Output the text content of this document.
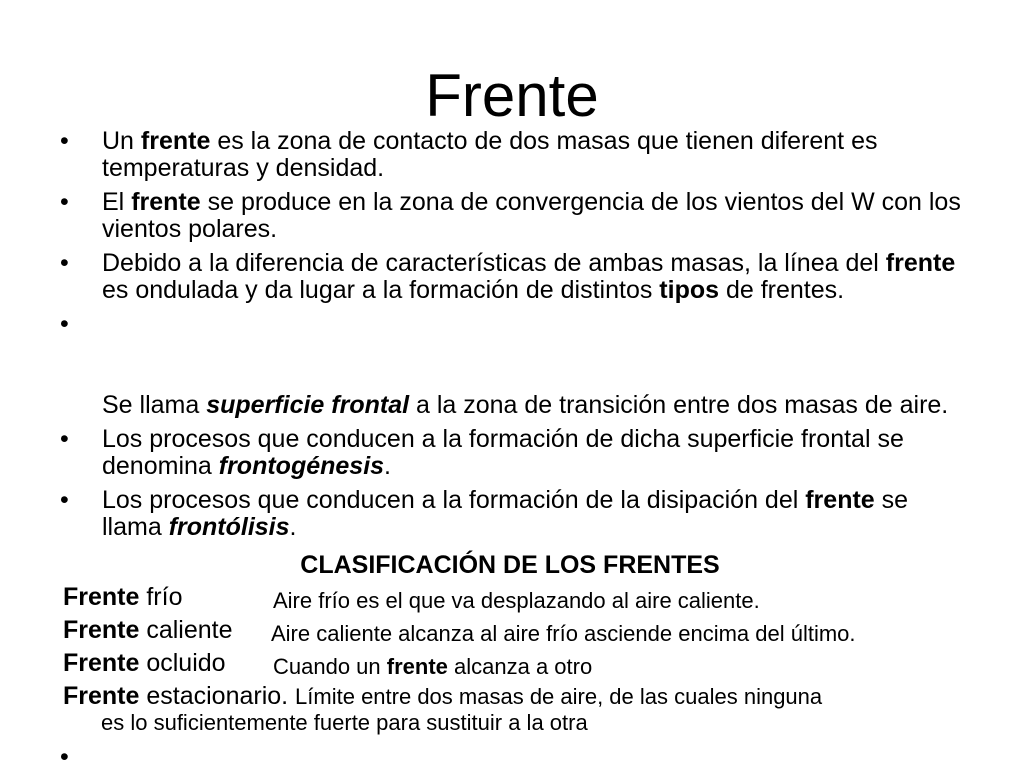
Frente
• Un frente es la zona de contacto de dos masas que tienen diferent es temperaturas y densidad.
• El frente se produce en la zona de convergencia de los vientos del W con los vientos polares.
• Debido a la diferencia de características de ambas masas, la línea del frente es ondulada y da lugar a la formación de distintos tipos de frentes.

•

Se llama superficie frontal a la zona de transición entre dos masas de aire.

• Los procesos que conducen a la formación de dicha superficie frontal se denomina frontogénesis.
• Los procesos que conducen a la formación de la disipación del frente se llama frontólisis.
CLASIFICACIÓN DE LOS FRENTES
Frente frío	Aire frío es el que va desplazando al aire caliente.
Frente caliente Aire caliente alcanza al aire frío asciende encima del último.
Frente ocluido Cuando un frente alcanza a otro
Frente estacionario. Límite entre dos masas de aire, de las cuales ninguna
es lo suficientemente fuerte para sustituir a la otra
•
